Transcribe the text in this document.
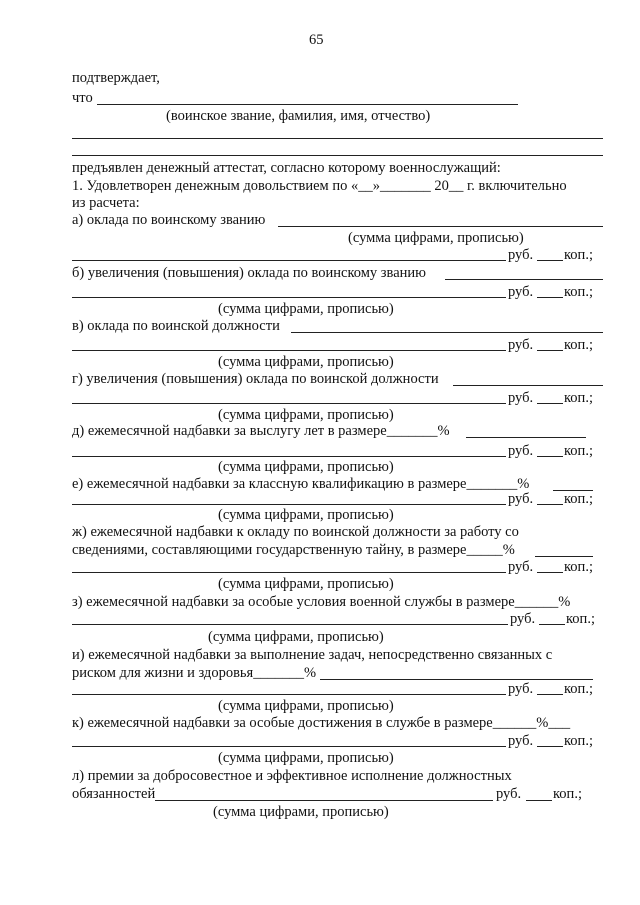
65
подтверждает,
что
(воинское звание, фамилия, имя, отчество)
предъявлен денежный аттестат, согласно которому военнослужащий:
1. Удовлетворен денежным довольствием по «__»_______ 20__ г. включительно
из расчета:
а) оклада по воинскому званию
(сумма цифрами, прописью)
руб. коп.;
б) увеличения (повышения) оклада по воинскому званию
руб. коп.;
(сумма цифрами, прописью)
в) оклада по воинской должности
руб. коп.;
(сумма цифрами, прописью)
г) увеличения (повышения) оклада по воинской должности
руб. коп.;
(сумма цифрами, прописью)
д) ежемесячной надбавки за выслугу лет в размере_______%
руб. коп.;
(сумма цифрами, прописью)
е) ежемесячной надбавки за классную квалификацию в размере_______%
руб. коп.;
(сумма цифрами, прописью)
ж) ежемесячной надбавки к окладу по воинской должности за работу со
сведениями, составляющими государственную тайну, в размере_____%
руб. коп.;
(сумма цифрами, прописью)
з) ежемесячной надбавки за особые условия военной службы в размере______%
руб. коп.;
(сумма цифрами, прописью)
и) ежемесячной надбавки за выполнение задач, непосредственно связанных с
риском для жизни и здоровья_______%
руб. коп.;
(сумма цифрами, прописью)
к) ежемесячной надбавки за особые достижения в службе в размере______%___
руб. коп.;
(сумма цифрами, прописью)
л) премии за добросовестное и эффективное исполнение должностных
обязанностей	руб. коп.;
(сумма цифрами, прописью)
